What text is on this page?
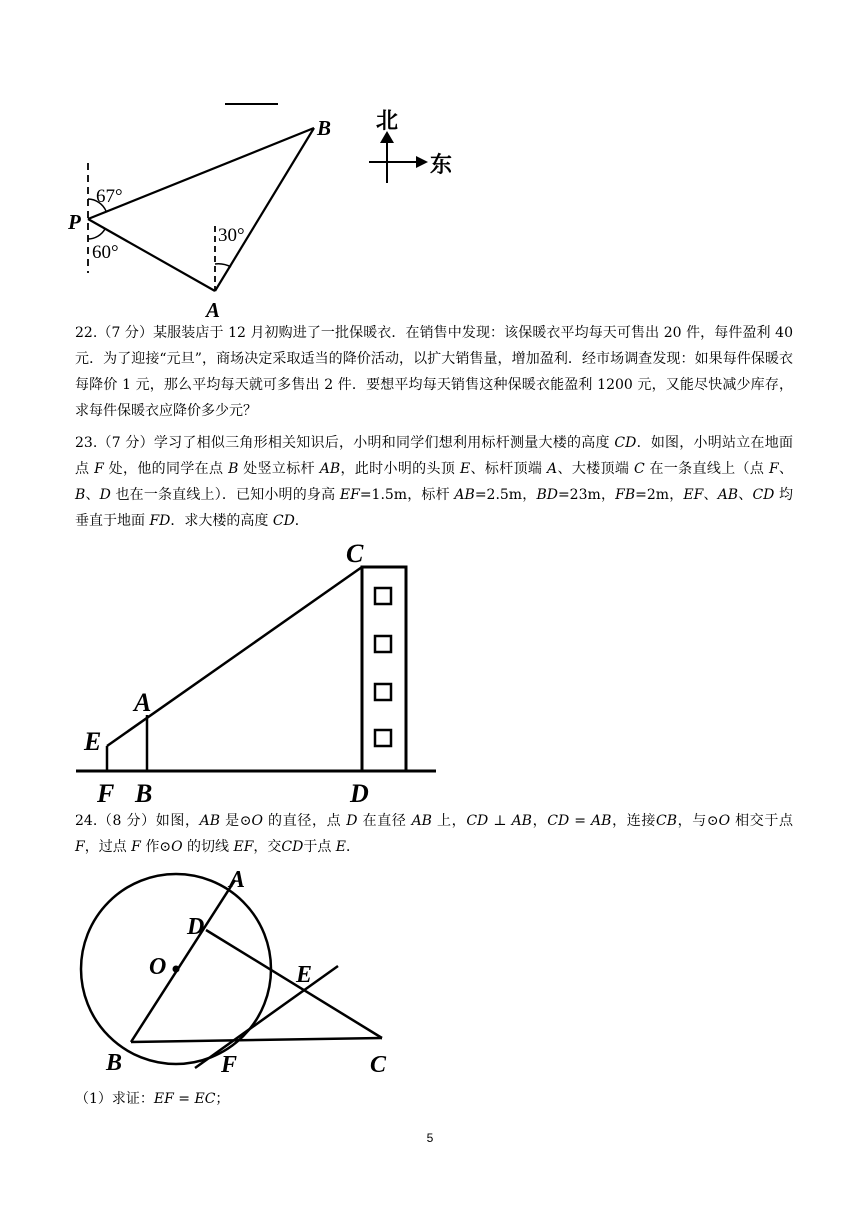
67°
60°
30°
P
A
B 北
东
22.（7 分）某服装店于 12 月初购进了一批保暖衣．在销售中发现：该保暖衣平均每天可售出 20 件，每件盈利 40 元．为了迎接“元旦”，商场决定采取适当的降价活动，以扩大销售量，增加盈利．经市场调查发现：如果每件保暖衣每降价 1 元，那么平均每天就可多售出 2 件．要想平均每天销售这种保暖衣能盈利 1200 元，又能尽快减少库存，求每件保暖衣应降价多少元？
23.（7 分）学习了相似三角形相关知识后，小明和同学们想利用标杆测量大楼的高度 CD．如图，小明站立在地面点 F 处，他的同学在点 B 处竖立标杆 AB，此时小明的头顶 E、标杆顶端 A、大楼顶端 C 在一条直线上（点 F、B、D 也在一条直线上）．已知小明的身高 EF=1.5m，标杆 AB=2.5m，BD=23m，FB=2m，EF、AB、CD 均垂直于地面 FD．求大楼的高度 CD．
C
A
E
F B	D
24.（8 分）如图，AB 是⊙O 的直径，点 D 在直径 AB 上，CD ⊥ AB，CD = AB，连接CB，与⊙O 相交于点 F，过点 F 作⊙O 的切线 EF，交CD于点 E．
A
D
O	E
B	F	C
（1）求证：EF = EC；
5
